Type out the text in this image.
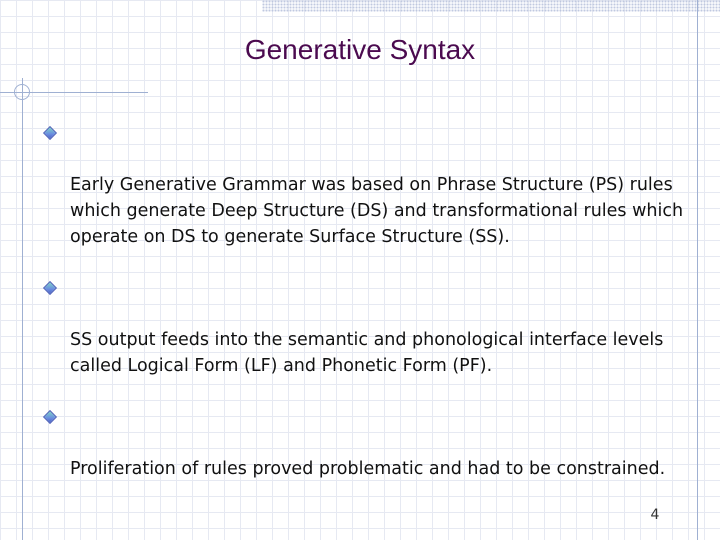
Generative Syntax

Early Generative Grammar was based on Phrase Structure (PS) rules
which generate Deep Structure (DS) and transformational rules which
operate on DS to generate Surface Structure (SS).

SS output feeds into the semantic and phonological interface levels
called Logical Form (LF) and Phonetic Form (PF).

Proliferation of rules proved problematic and had to be constrained.

4
